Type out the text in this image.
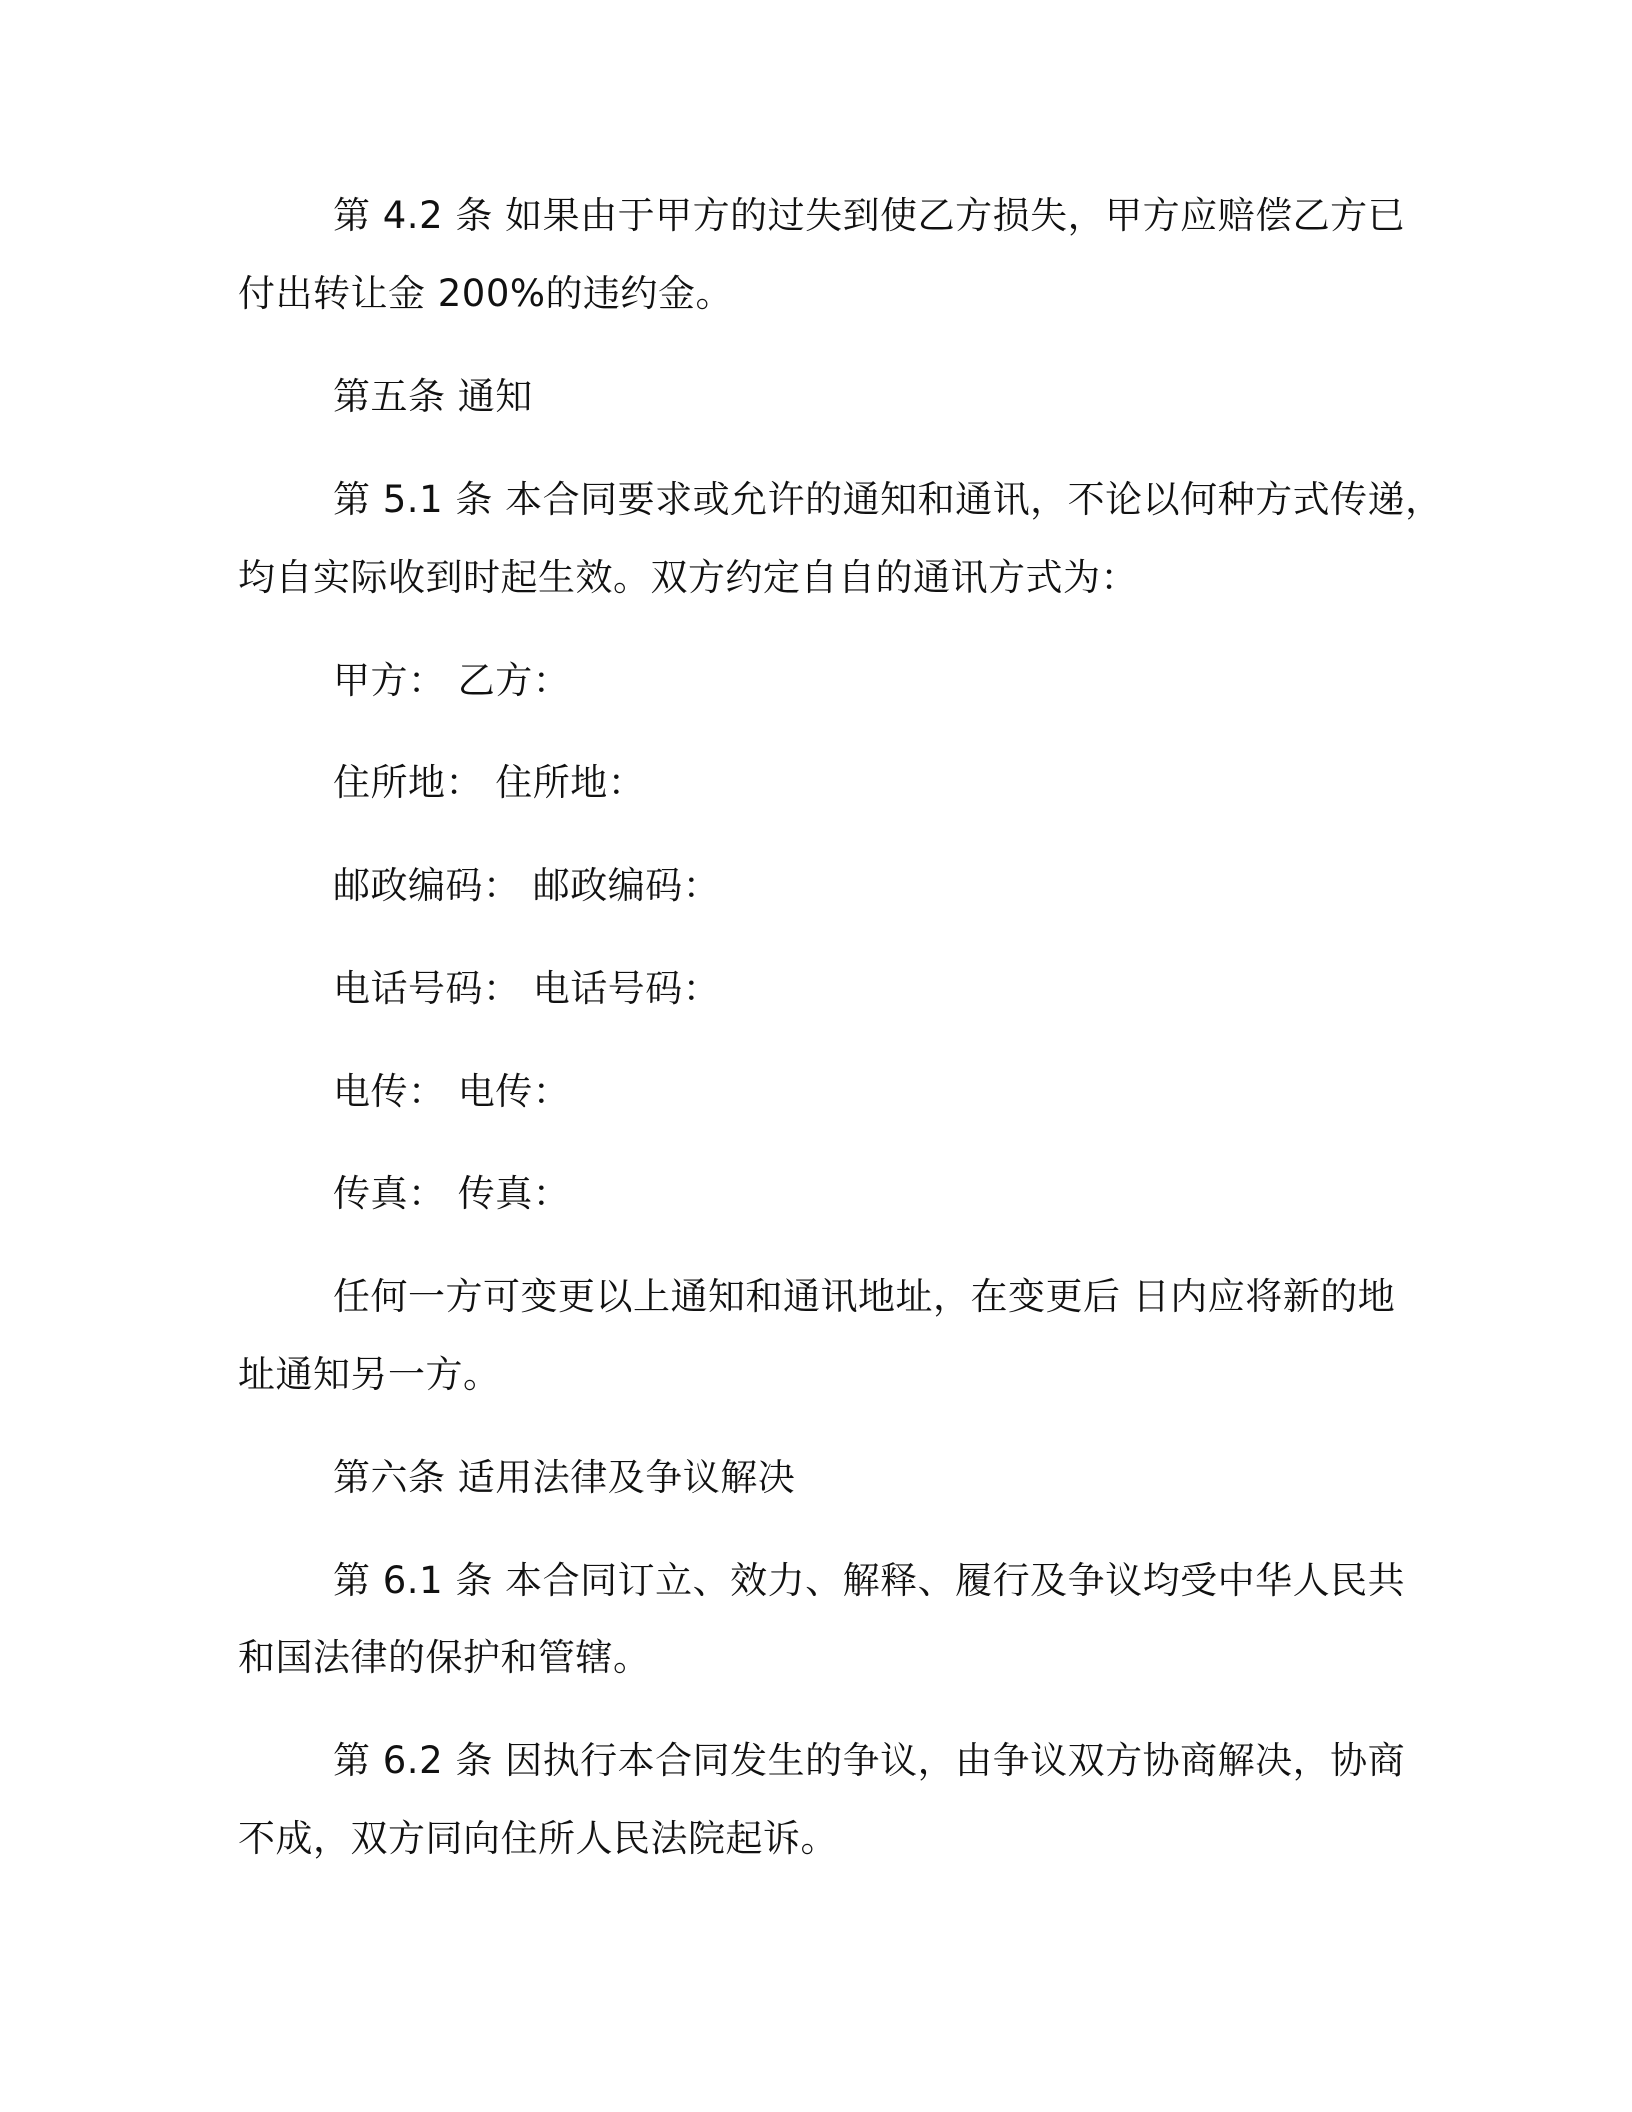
第 4.2 条 如果由于甲方的过失到使乙方损失，甲方应赔偿乙方已

付出转让金 200%的违约金。

第五条 通知

第 5.1 条 本合同要求或允许的通知和通讯，不论以何种方式传递，

均自实际收到时起生效。双方约定自自的通讯方式为：

甲方： 乙方：

住所地： 住所地：

邮政编码： 邮政编码：

电话号码： 电话号码：

电传： 电传：

传真： 传真：

任何一方可变更以上通知和通讯地址，在变更后 日内应将新的地

址通知另一方。

第六条 适用法律及争议解决

第 6.1 条 本合同订立、效力、解释、履行及争议均受中华人民共

和国法律的保护和管辖。

第 6.2 条 因执行本合同发生的争议，由争议双方协商解决，协商

不成，双方同向住所人民法院起诉。
